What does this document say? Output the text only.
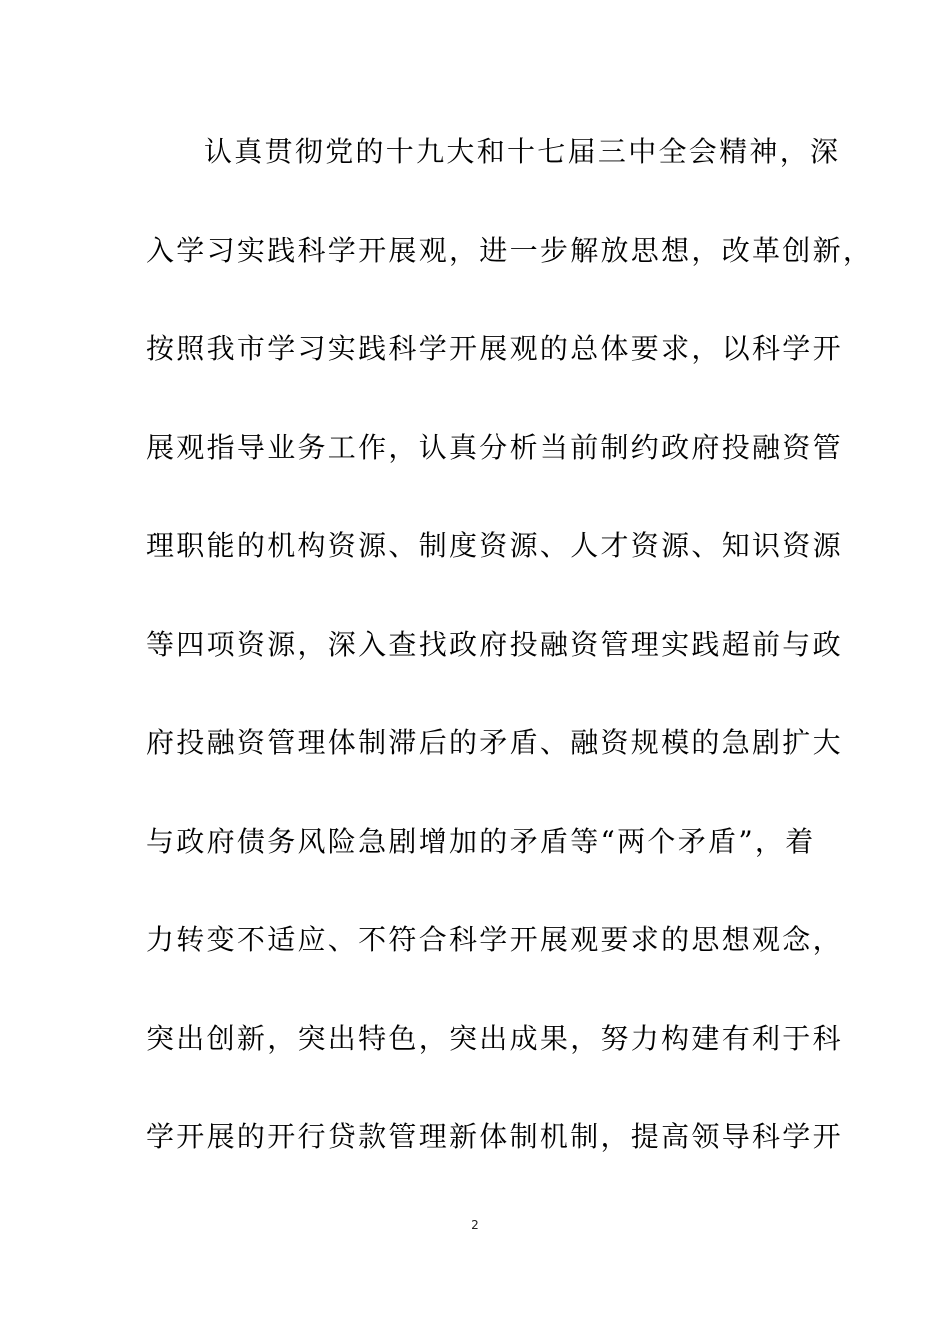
认真贯彻党的十九大和十七届三中全会精神，深
入学习实践科学开展观，进一步解放思想，改革创新，
按照我市学习实践科学开展观的总体要求，以科学开
展观指导业务工作，认真分析当前制约政府投融资管
理职能的机构资源、制度资源、人才资源、知识资源
等四项资源，深入查找政府投融资管理实践超前与政
府投融资管理体制滞后的矛盾、融资规模的急剧扩大
与政府债务风险急剧增加的矛盾等“两个矛盾”，着
力转变不适应、不符合科学开展观要求的思想观念，
突出创新，突出特色，突出成果，努力构建有利于科
学开展的开行贷款管理新体制机制，提高领导科学开
2
